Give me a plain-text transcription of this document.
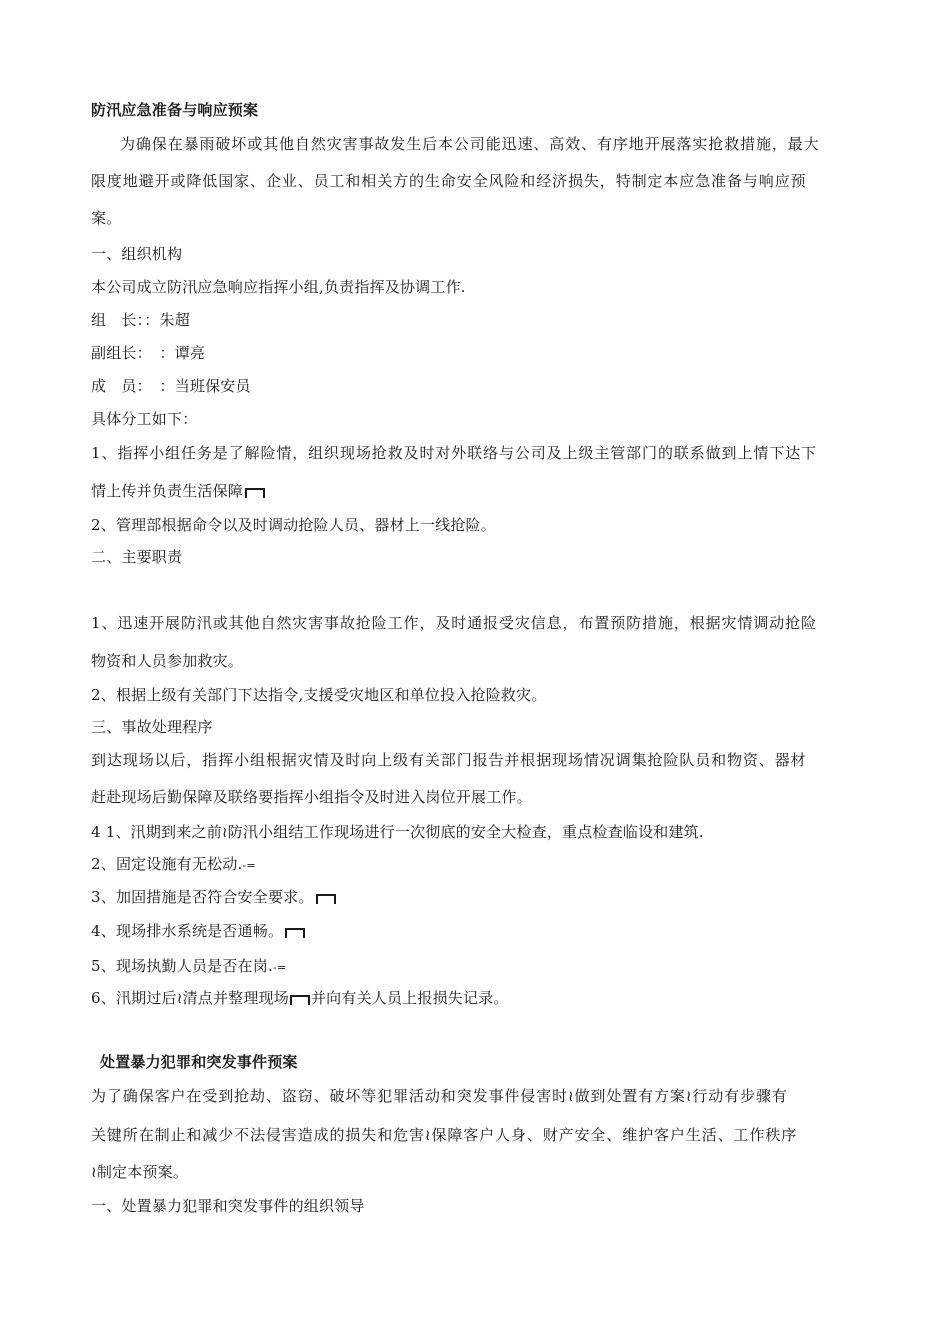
防汛应急准备与响应预案
为确保在暴雨破坏或其他自然灾害事故发生后本公司能迅速、高效、有序地开展落实抢救措施，最大
限度地避开或降低国家、企业、员工和相关方的生命安全风险和经济损失，特制定本应急准备与响应预
案。
一、组织机构
本公司成立防汛应急响应指挥小组,负责指挥及协调工作.
组　长：：朱超
副组长：　：谭亮
成　员：　：当班保安员
具体分工如下：
1、指挥小组任务是了解险情，组织现场抢救及时对外联络与公司及上级主管部门的联系做到上情下达下
情上传并负责生活保障
2、管理部根据命令以及时调动抢险人员、器材上一线抢险。
二、主要职责
1、迅速开展防汛或其他自然灾害事故抢险工作，及时通报受灾信息，布置预防措施，根据灾情调动抢险
物资和人员参加救灾。
2、根据上级有关部门下达指令,支援受灾地区和单位投入抢险救灾。
三、事故处理程序
到达现场以后，指挥小组根据灾情及时向上级有关部门报告并根据现场情况调集抢险队员和物资、器材
赶赴现场后勤保障及联络要指挥小组指令及时进入岗位开展工作。
4 1、汛期到来之前≀防汛小组结工作现场进行一次彻底的安全大检查，重点检查临设和建筑.
2、固定设施有无松动.-=
3、加固措施是否符合安全要求。
4、现场排水系统是否通畅。
5、现场执勤人员是否在岗.-=
6、汛期过后≀清点并整理现场 并向有关人员上报损失记录。
处置暴力犯罪和突发事件预案
为了确保客户在受到抢劫、盗窃、破坏等犯罪活动和突发事件侵害时≀做到处置有方案≀行动有步骤有
关键所在制止和减少不法侵害造成的损失和危害≀保障客户人身、财产安全、维护客户生活、工作秩序
≀制定本预案。
一、处置暴力犯罪和突发事件的组织领导
